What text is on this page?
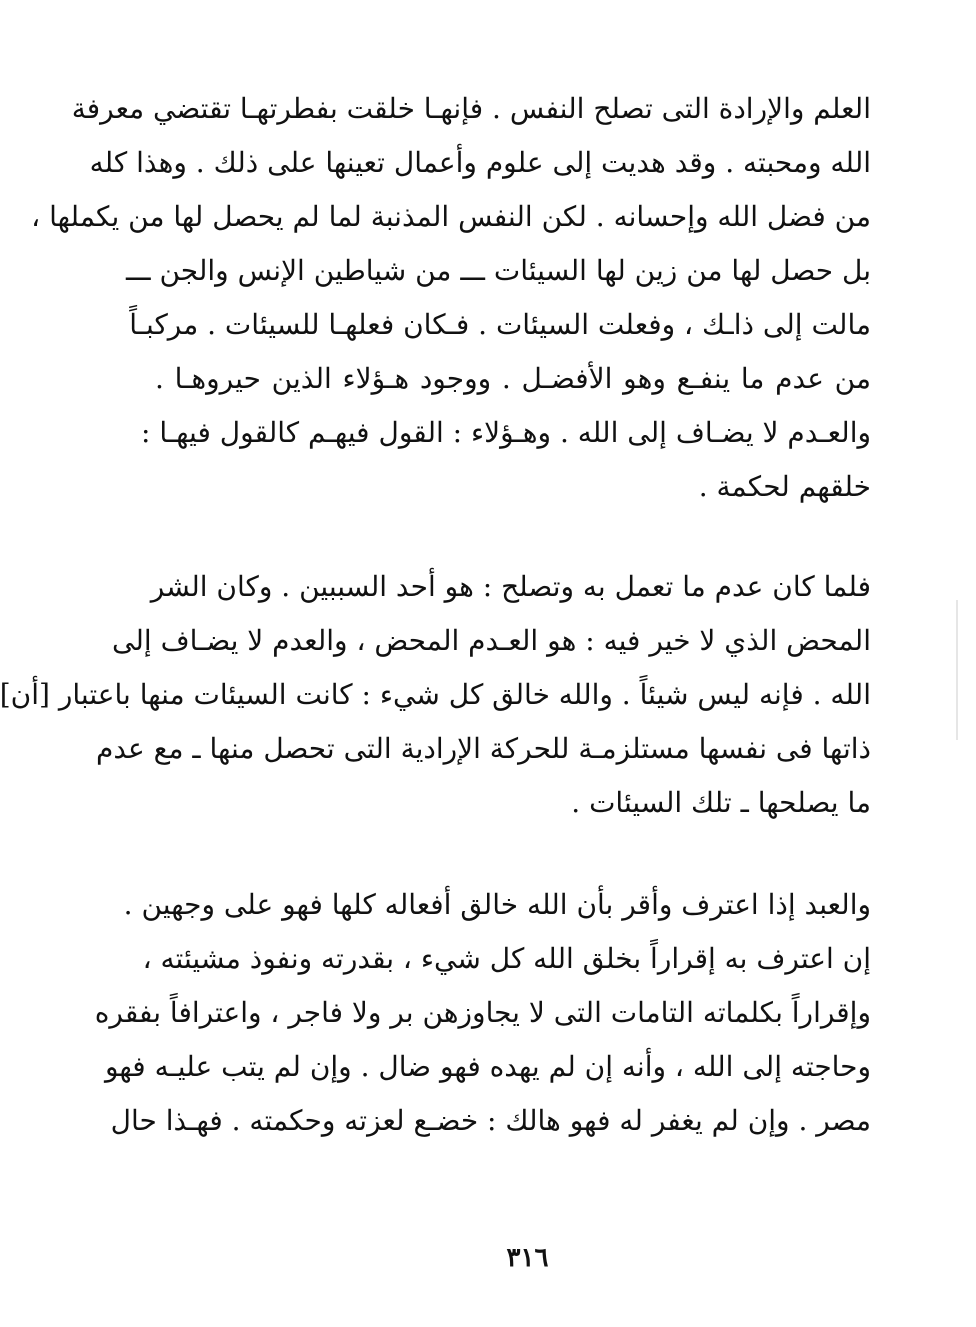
العلم والإرادة التى تصلح النفس . فإنهـا خلقت بفطرتهـا تقتضي معرفة
الله ومحبته . وقد هديت إلى علوم وأعمال تعينها على ذلك . وهذا كله
من فضل الله وإحسانه . لكن النفس المذنبة لما لم يحصل لها من يكملها ،
بل حصل لها من زين لها السيئات ـــ من شياطين الإنس والجن ـــ
مالت إلى ذاـك ، وفعلت السيئات . فـكان فعلهـا للسيئات . مركبـاً
من عدم ما ينفـع وهو الأفضـل . ووجود هـؤلاء الذين حيروهـا .
والعـدم لا يضـاف إلى الله . وهـؤلاء : القول فيهـم كالقول فيهـا :
خلقهم لحكمة .
فلما كان عدم ما تعمل به وتصلح : هو أحد السببين . وكان الشر
المحض الذي لا خير فيه : هو العـدم المحض ، والعدم لا يضـاف إلى
الله . فإنه ليس شيئاً . والله خالق كل شيء : كانت السيئات منها باعتبار [أن]
ذاتها فى نفسها مستلزمـة للحركة الإرادية التى تحصل منها ـ مع عدم
ما يصلحها ـ تلك السيئات .
والعبد إذا اعترف وأقر بأن الله خالق أفعاله كلها فهو على وجهين .
إن اعترف به إقراراً بخلق الله كل شيء ، بقدرته ونفوذ مشيئته ،
وإقراراً بكلماته التامات التى لا يجاوزهن بر ولا فاجر ، واعترافاً بفقره
وحاجته إلى الله ، وأنه إن لم يهده فهو ضال . وإن لم يتب عليـه فهو
مصر . وإن لم يغفر له فهو هالك : خضـع لعزته وحكمته . فهـذا حال
٣١٦
